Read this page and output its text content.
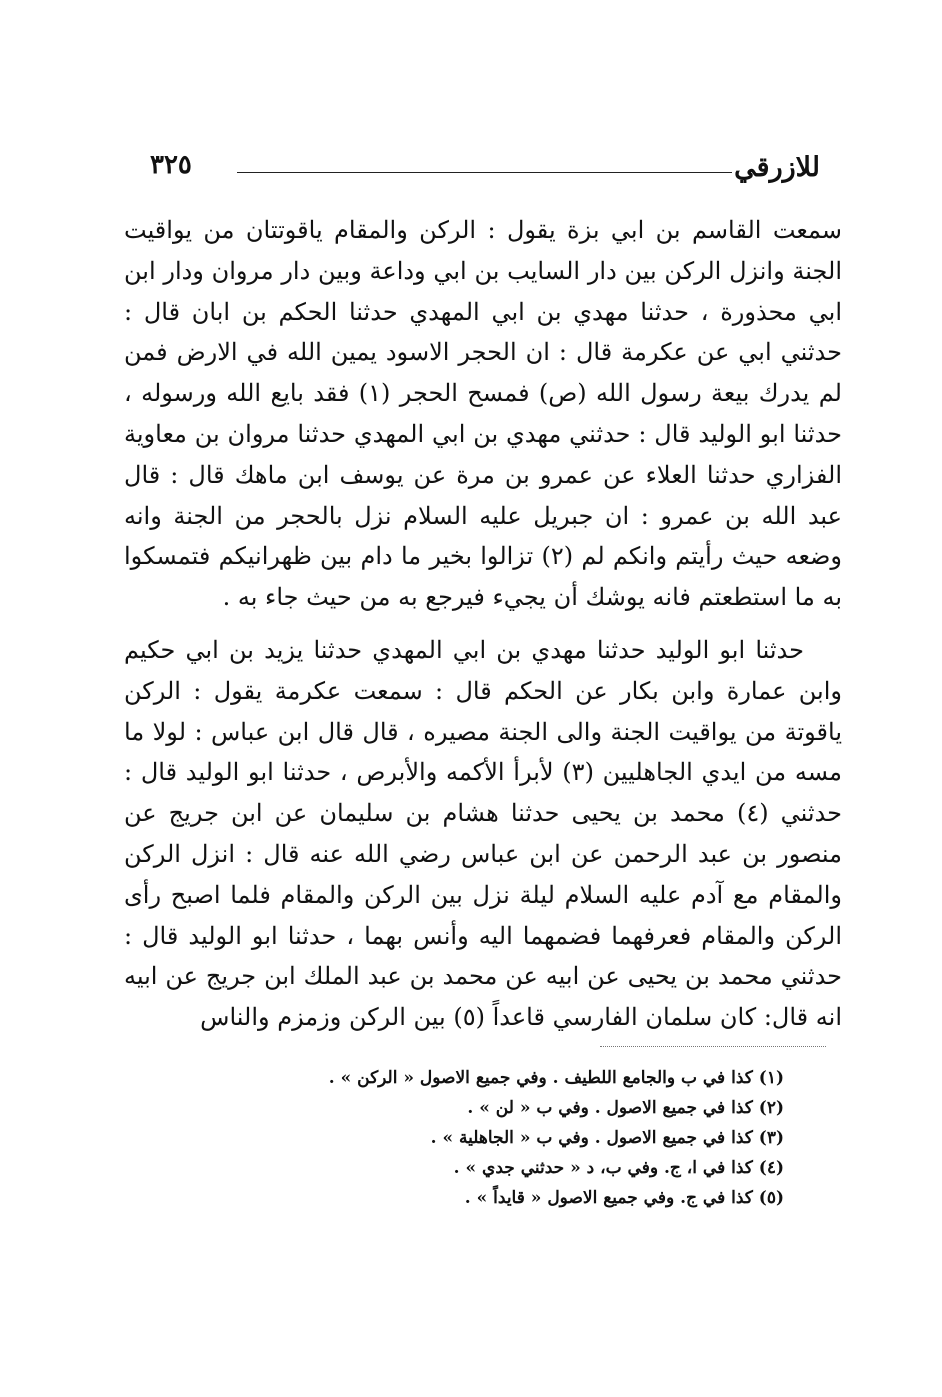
للازرقي
٣٢٥

سمعت القاسم بن ابي بزة يقول : الركن والمقام ياقوتتان من يواقيت الجنة وانزل الركن بين دار السايب بن ابي وداعة وبين دار مروان ودار ابن ابي محذورة ، حدثنا مهدي بن ابي المهدي حدثنا الحكم بن ابان قال : حدثني ابي عن عكرمة قال : ان الحجر الاسود يمين الله في الارض فمن لم يدرك بيعة رسول الله (ص) فمسح الحجر (١) فقد بايع الله ورسوله ، حدثنا ابو الوليد قال : حدثني مهدي بن ابي المهدي حدثنا مروان بن معاوية الفزاري حدثنا العلاء عن عمرو بن مرة عن يوسف ابن ماهك قال : قال عبد الله بن عمرو : ان جبريل عليه السلام نزل بالحجر من الجنة وانه وضعه حيث رأيتم وانكم لم (٢) تزالوا بخير ما دام بين ظهرانيكم فتمسكوا به ما استطعتم فانه يوشك أن يجيء فيرجع به من حيث جاء به .

حدثنا ابو الوليد حدثنا مهدي بن ابي المهدي حدثنا يزيد بن ابي حكيم وابن عمارة وابن بكار عن الحكم قال : سمعت عكرمة يقول : الركن ياقوتة من يواقيت الجنة والى الجنة مصيره ، قال قال ابن عباس : لولا ما مسه من ايدي الجاهليين (٣) لأبرأ الأكمه والأبرص ، حدثنا ابو الوليد قال : حدثني (٤) محمد بن يحيى حدثنا هشام بن سليمان عن ابن جريج عن منصور بن عبد الرحمن عن ابن عباس رضي الله عنه قال : انزل الركن والمقام مع آدم عليه السلام ليلة نزل بين الركن والمقام فلما اصبح رأى الركن والمقام فعرفهما فضمهما اليه وأنس بهما ، حدثنا ابو الوليد قال : حدثني محمد بن يحيى عن ابيه عن محمد بن عبد الملك ابن جريج عن ابيه انه قال: كان سلمان الفارسي قاعداً (٥) بين الركن وزمزم والناس

(١) كذا في ب والجامع اللطيف . وفي جميع الاصول « الركن » .
(٢) كذا في جميع الاصول . وفي ب « لن » .
(٣) كذا في جميع الاصول . وفي ب « الجاهلية » .
(٤) كذا في ا، ج. وفي ب، د « حدثني جدي » .
(٥) كذا في ج. وفي جميع الاصول « قايداً » .
